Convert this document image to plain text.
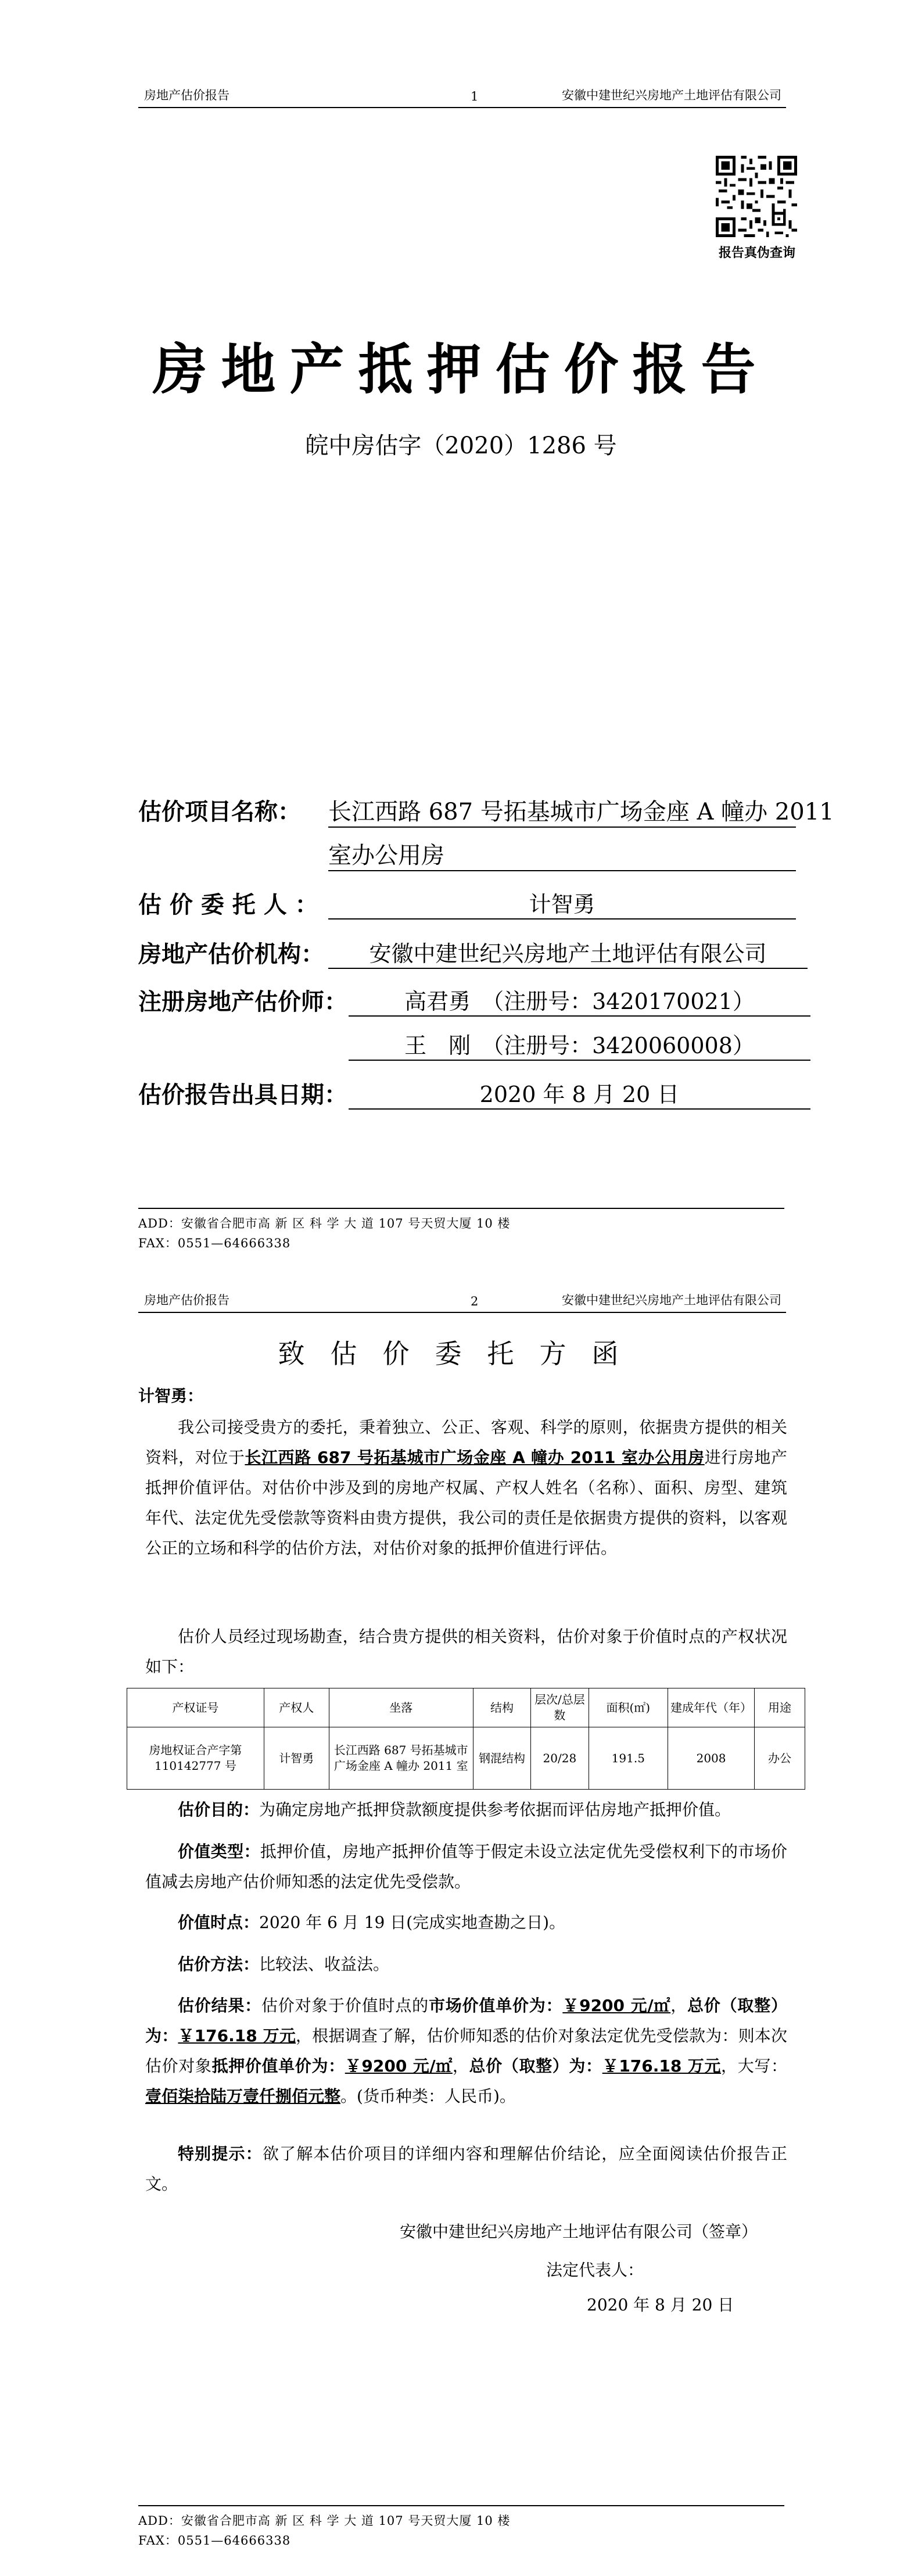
房地产估价报告	1	安徽中建世纪兴房地产土地评估有限公司
报告真伪查询
房地产抵押估价报告
皖中房估字（2020）1286 号
估价项目名称： 长江西路 687 号拓基城市广场金座 A 幢办 2011
室办公用房
估 价 委 托 人 ：	计智勇
房地产估价机构：	安徽中建世纪兴房地产土地评估有限公司
注册房地产估价师：	高君勇　（注册号：3420170021）
王　刚　（注册号：3420060008）
估价报告出具日期：	2020 年 8 月 20 日
ADD：安徽省合肥市高 新 区 科 学 大 道 107 号天贸大厦 10 楼
FAX：0551—64666338
房地产估价报告	2	安徽中建世纪兴房地产土地评估有限公司
致估价委托方函
计智勇：
我公司接受贵方的委托，秉着独立、公正、客观、科学的原则，依据贵方提供的相关资料，对位于长江西路 687 号拓基城市广场金座 A 幢办 2011 室办公用房进行房地产抵押价值评估。对估价中涉及到的房地产权属、产权人姓名（名称）、面积、房型、建筑年代、法定优先受偿款等资料由贵方提供，我公司的责任是依据贵方提供的资料，以客观公正的立场和科学的估价方法，对估价对象的抵押价值进行评估。
估价人员经过现场勘查，结合贵方提供的相关资料，估价对象于价值时点的产权状况如下：
产权证号	产权人	坐落	结构	层次/总层数	面积(㎡)	建成年代（年）	用途
房地权证合产字第 110142777 号	计智勇	长江西路 687 号拓基城市广场金座 A 幢办 2011 室	钢混结构	20/28	191.5	2008	办公
估价目的：为确定房地产抵押贷款额度提供参考依据而评估房地产抵押价值。
价值类型：抵押价值，房地产抵押价值等于假定未设立法定优先受偿权利下的市场价值减去房地产估价师知悉的法定优先受偿款。
价值时点：2020 年 6 月 19 日(完成实地查勘之日)。
估价方法：比较法、收益法。
估价结果：估价对象于价值时点的市场价值单价为：￥9200 元/㎡，总价（取整）为：￥176.18 万元，根据调查了解，估价师知悉的估价对象法定优先受偿款为：则本次估价对象抵押价值单价为：￥9200 元/㎡，总价（取整）为：￥176.18 万元，大写：壹佰柒拾陆万壹仟捌佰元整。(货币种类：人民币)。
特别提示：欲了解本估价项目的详细内容和理解估价结论，应全面阅读估价报告正文。
安徽中建世纪兴房地产土地评估有限公司（签章）
法定代表人：
2020 年 8 月 20 日
ADD：安徽省合肥市高 新 区 科 学 大 道 107 号天贸大厦 10 楼
FAX：0551—64666338
